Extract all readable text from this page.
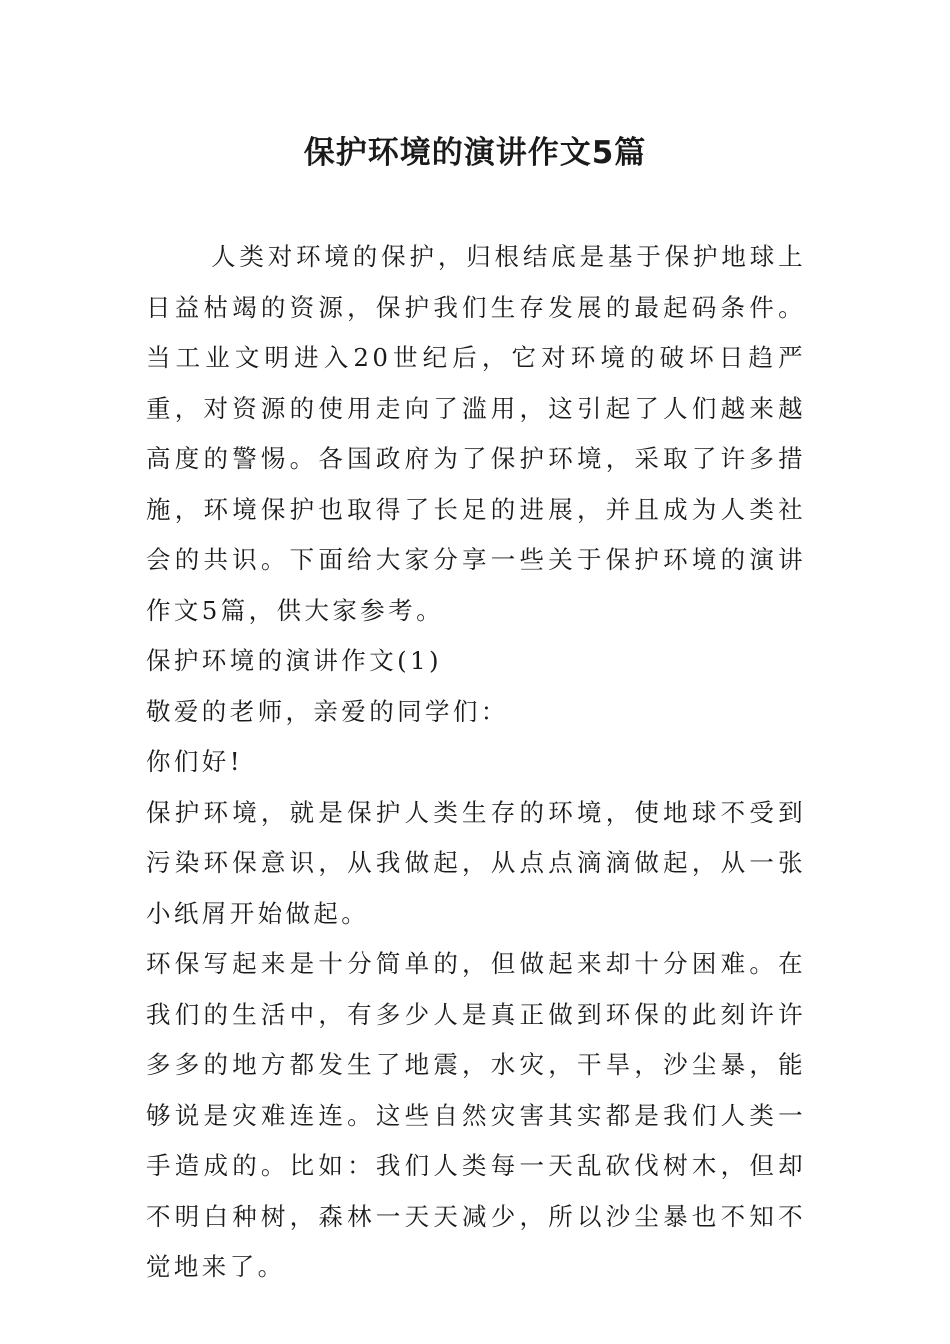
保护环境的演讲作文5篇

人类对环境的保护，归根结底是基于保护地球上日益枯竭的资源，保护我们生存发展的最起码条件。当工业文明进入20世纪后，它对环境的破坏日趋严重，对资源的使用走向了滥用，这引起了人们越来越高度的警惕。各国政府为了保护环境，采取了许多措施，环境保护也取得了长足的进展，并且成为人类社会的共识。下面给大家分享一些关于保护环境的演讲作文5篇，供大家参考。

保护环境的演讲作文(1)

敬爱的老师，亲爱的同学们：

你们好!

保护环境，就是保护人类生存的环境，使地球不受到污染环保意识，从我做起，从点点滴滴做起，从一张小纸屑开始做起。

环保写起来是十分简单的，但做起来却十分困难。在我们的生活中，有多少人是真正做到环保的此刻许许多多的地方都发生了地震，水灾，干旱，沙尘暴，能够说是灾难连连。这些自然灾害其实都是我们人类一手造成的。比如：我们人类每一天乱砍伐树木，但却不明白种树，森林一天天减少，所以沙尘暴也不知不觉地来了。
